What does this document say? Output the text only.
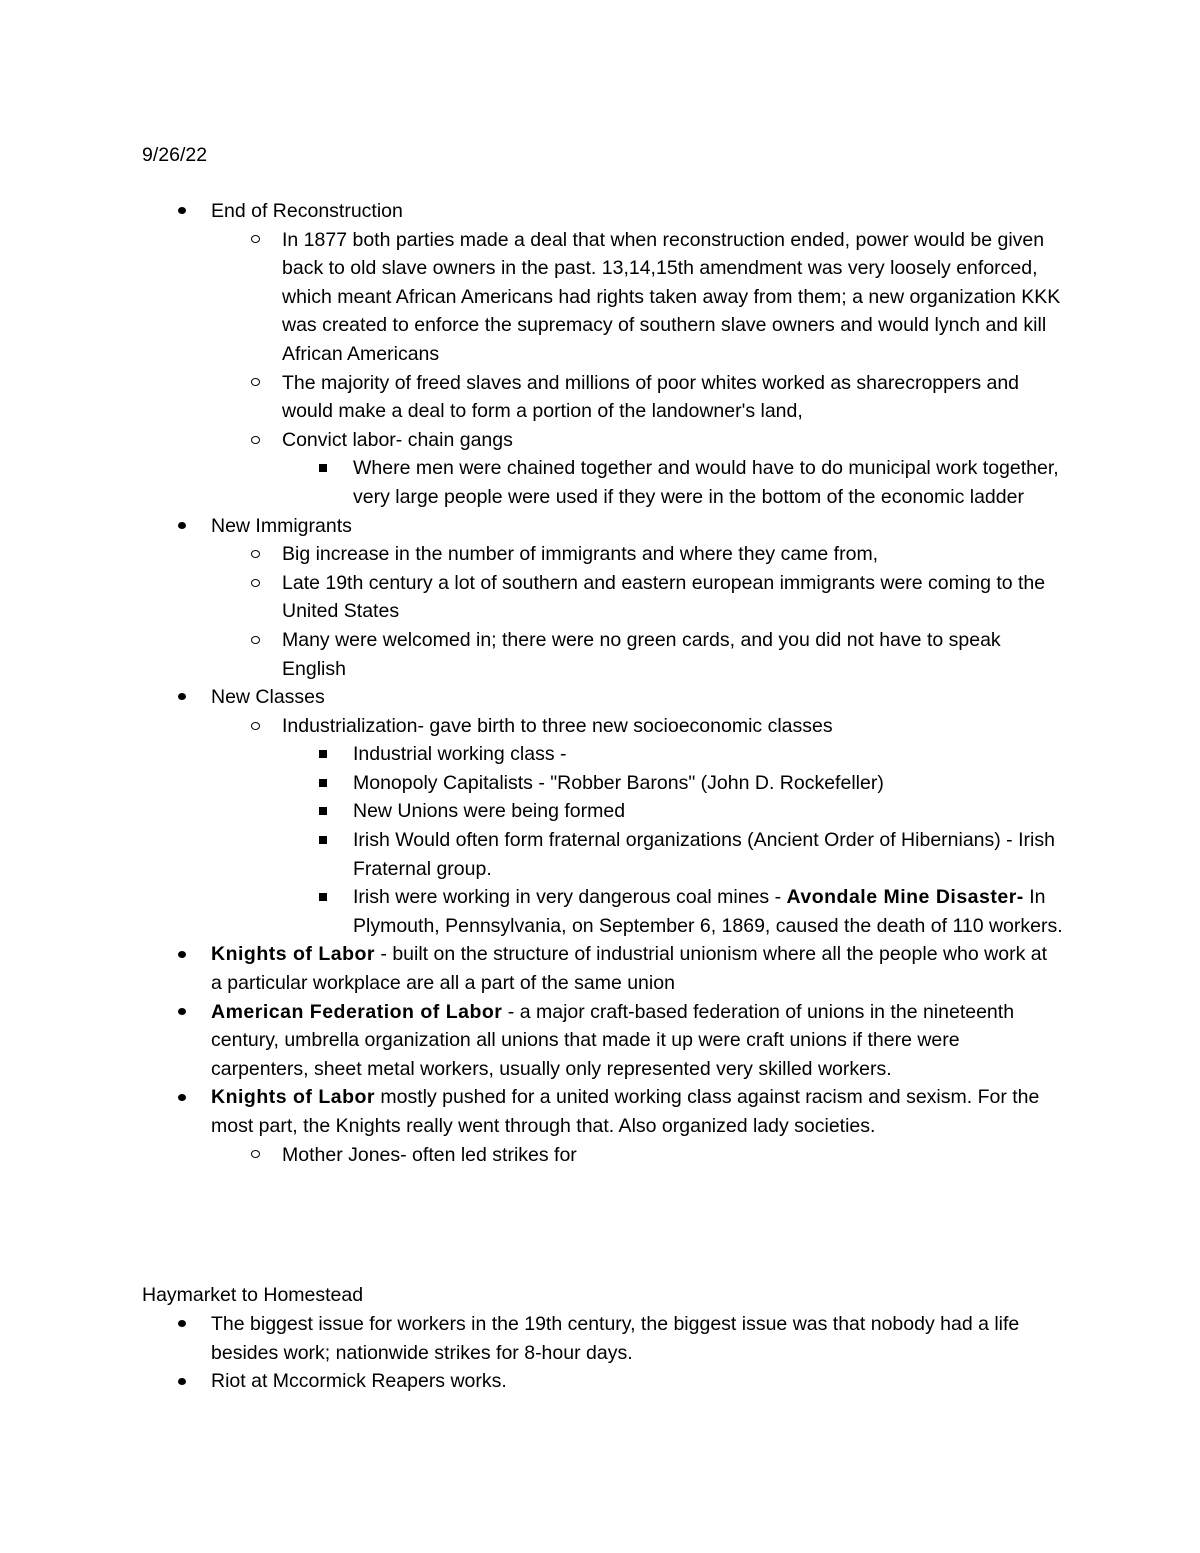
9/26/22
End of Reconstruction
In 1877 both parties made a deal that when reconstruction ended, power would be given back to old slave owners in the past. 13,14,15th amendment was very loosely enforced, which meant African Americans had rights taken away from them; a new organization KKK was created to enforce the supremacy of southern slave owners and would lynch and kill African Americans
The majority of freed slaves and millions of poor whites worked as sharecroppers and would make a deal to form a portion of the landowner's land,
Convict labor- chain gangs
Where men were chained together and would have to do municipal work together, very large people were used if they were in the bottom of the economic ladder
New Immigrants
Big increase in the number of immigrants and where they came from,
Late 19th century a lot of southern and eastern european immigrants were coming to the United States
Many were welcomed in; there were no green cards, and you did not have to speak English
New Classes
Industrialization- gave birth to three new socioeconomic classes
Industrial working class -
Monopoly Capitalists - "Robber Barons" (John D. Rockefeller)
New Unions were being formed
Irish Would often form fraternal organizations (Ancient Order of Hibernians) - Irish Fraternal group.
Irish were working in very dangerous coal mines - Avondale Mine Disaster- In Plymouth, Pennsylvania, on September 6, 1869, caused the death of 110 workers.
Knights of Labor - built on the structure of industrial unionism where all the people who work at a particular workplace are all a part of the same union
American Federation of Labor - a major craft-based federation of unions in the nineteenth century, umbrella organization all unions that made it up were craft unions if there were carpenters, sheet metal workers, usually only represented very skilled workers.
Knights of Labor mostly pushed for a united working class against racism and sexism. For the most part, the Knights really went through that. Also organized lady societies.
Mother Jones- often led strikes for
Haymarket to Homestead
The biggest issue for workers in the 19th century, the biggest issue was that nobody had a life besides work; nationwide strikes for 8-hour days.
Riot at Mccormick Reapers works.
